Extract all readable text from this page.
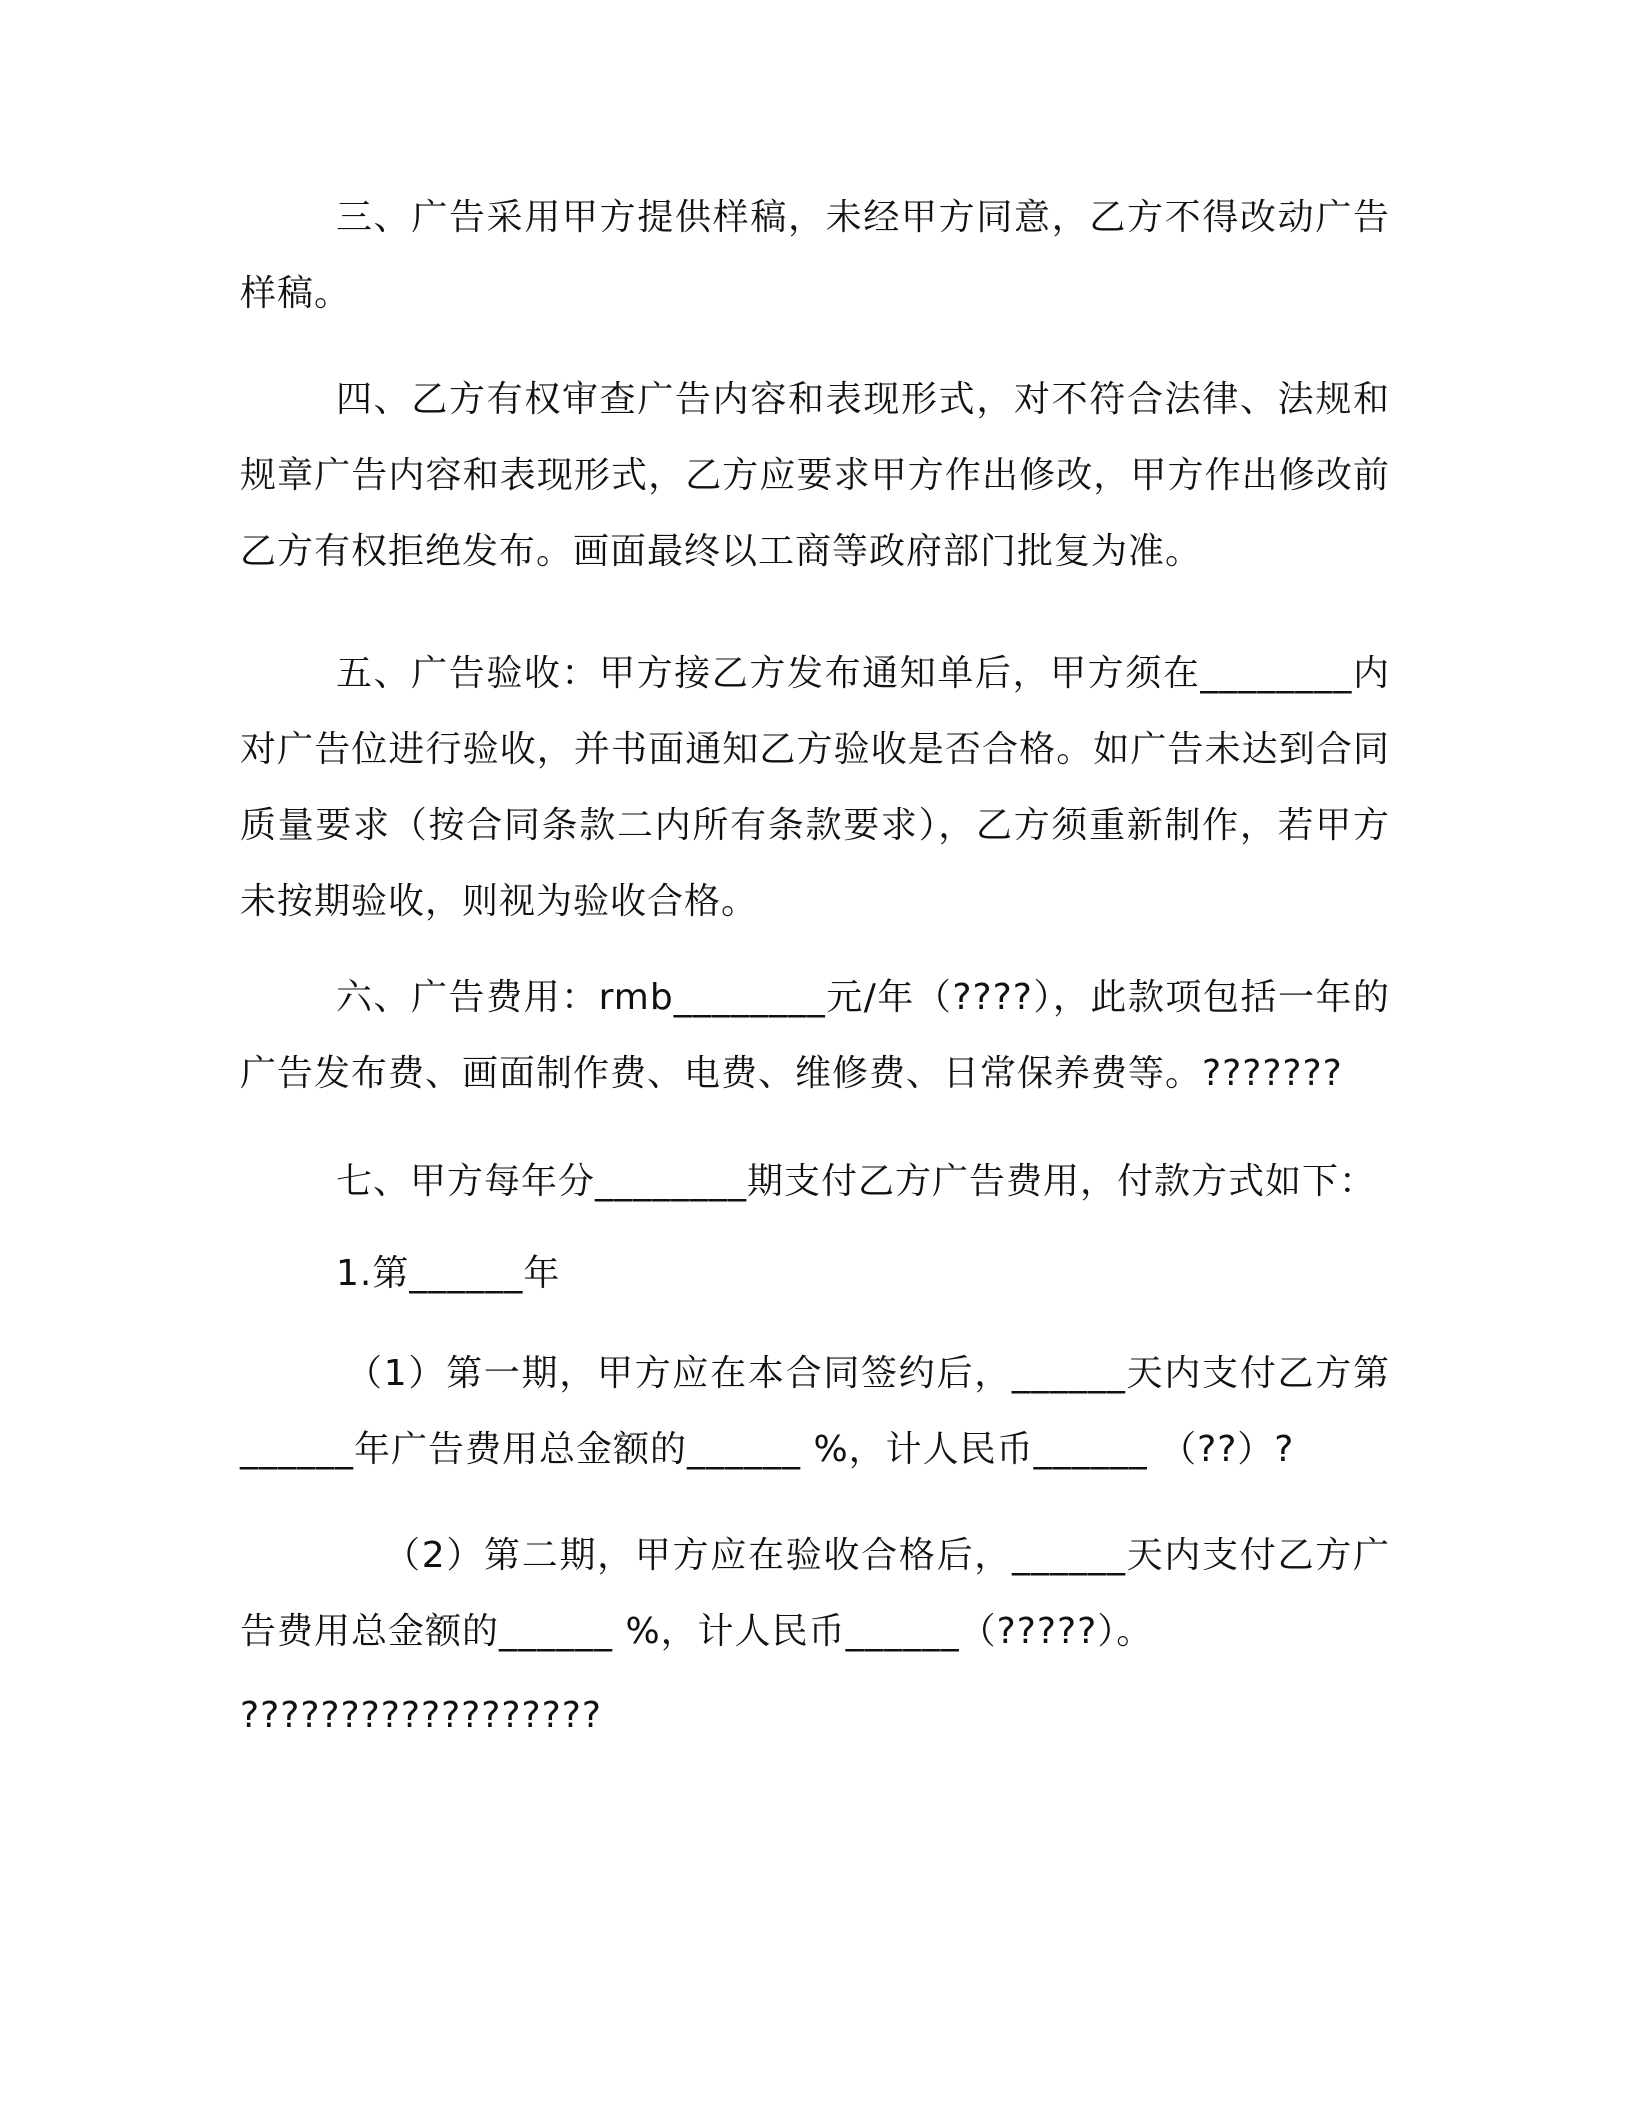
三、广告采用甲方提供样稿，未经甲方同意，乙方不得改动广告样稿。

四、乙方有权审查广告内容和表现形式，对不符合法律、法规和规章广告内容和表现形式，乙方应要求甲方作出修改，甲方作出修改前乙方有权拒绝发布。画面最终以工商等政府部门批复为准。

五、广告验收：甲方接乙方发布通知单后，甲方须在________内对广告位进行验收，并书面通知乙方验收是否合格。如广告未达到合同质量要求（按合同条款二内所有条款要求），乙方须重新制作，若甲方未按期验收，则视为验收合格。

六、广告费用：rmb________元/年（????），此款项包括一年的广告发布费、画面制作费、电费、维修费、日常保养费等。???????

七、甲方每年分________期支付乙方广告费用，付款方式如下：

1.第______年

（1）第一期，甲方应在本合同签约后，______天内支付乙方第______年广告费用总金额的______ %，计人民币______ （??）?

（2）第二期，甲方应在验收合格后，______天内支付乙方广告费用总金额的______ %，计人民币______（?????）。

??????????????????
